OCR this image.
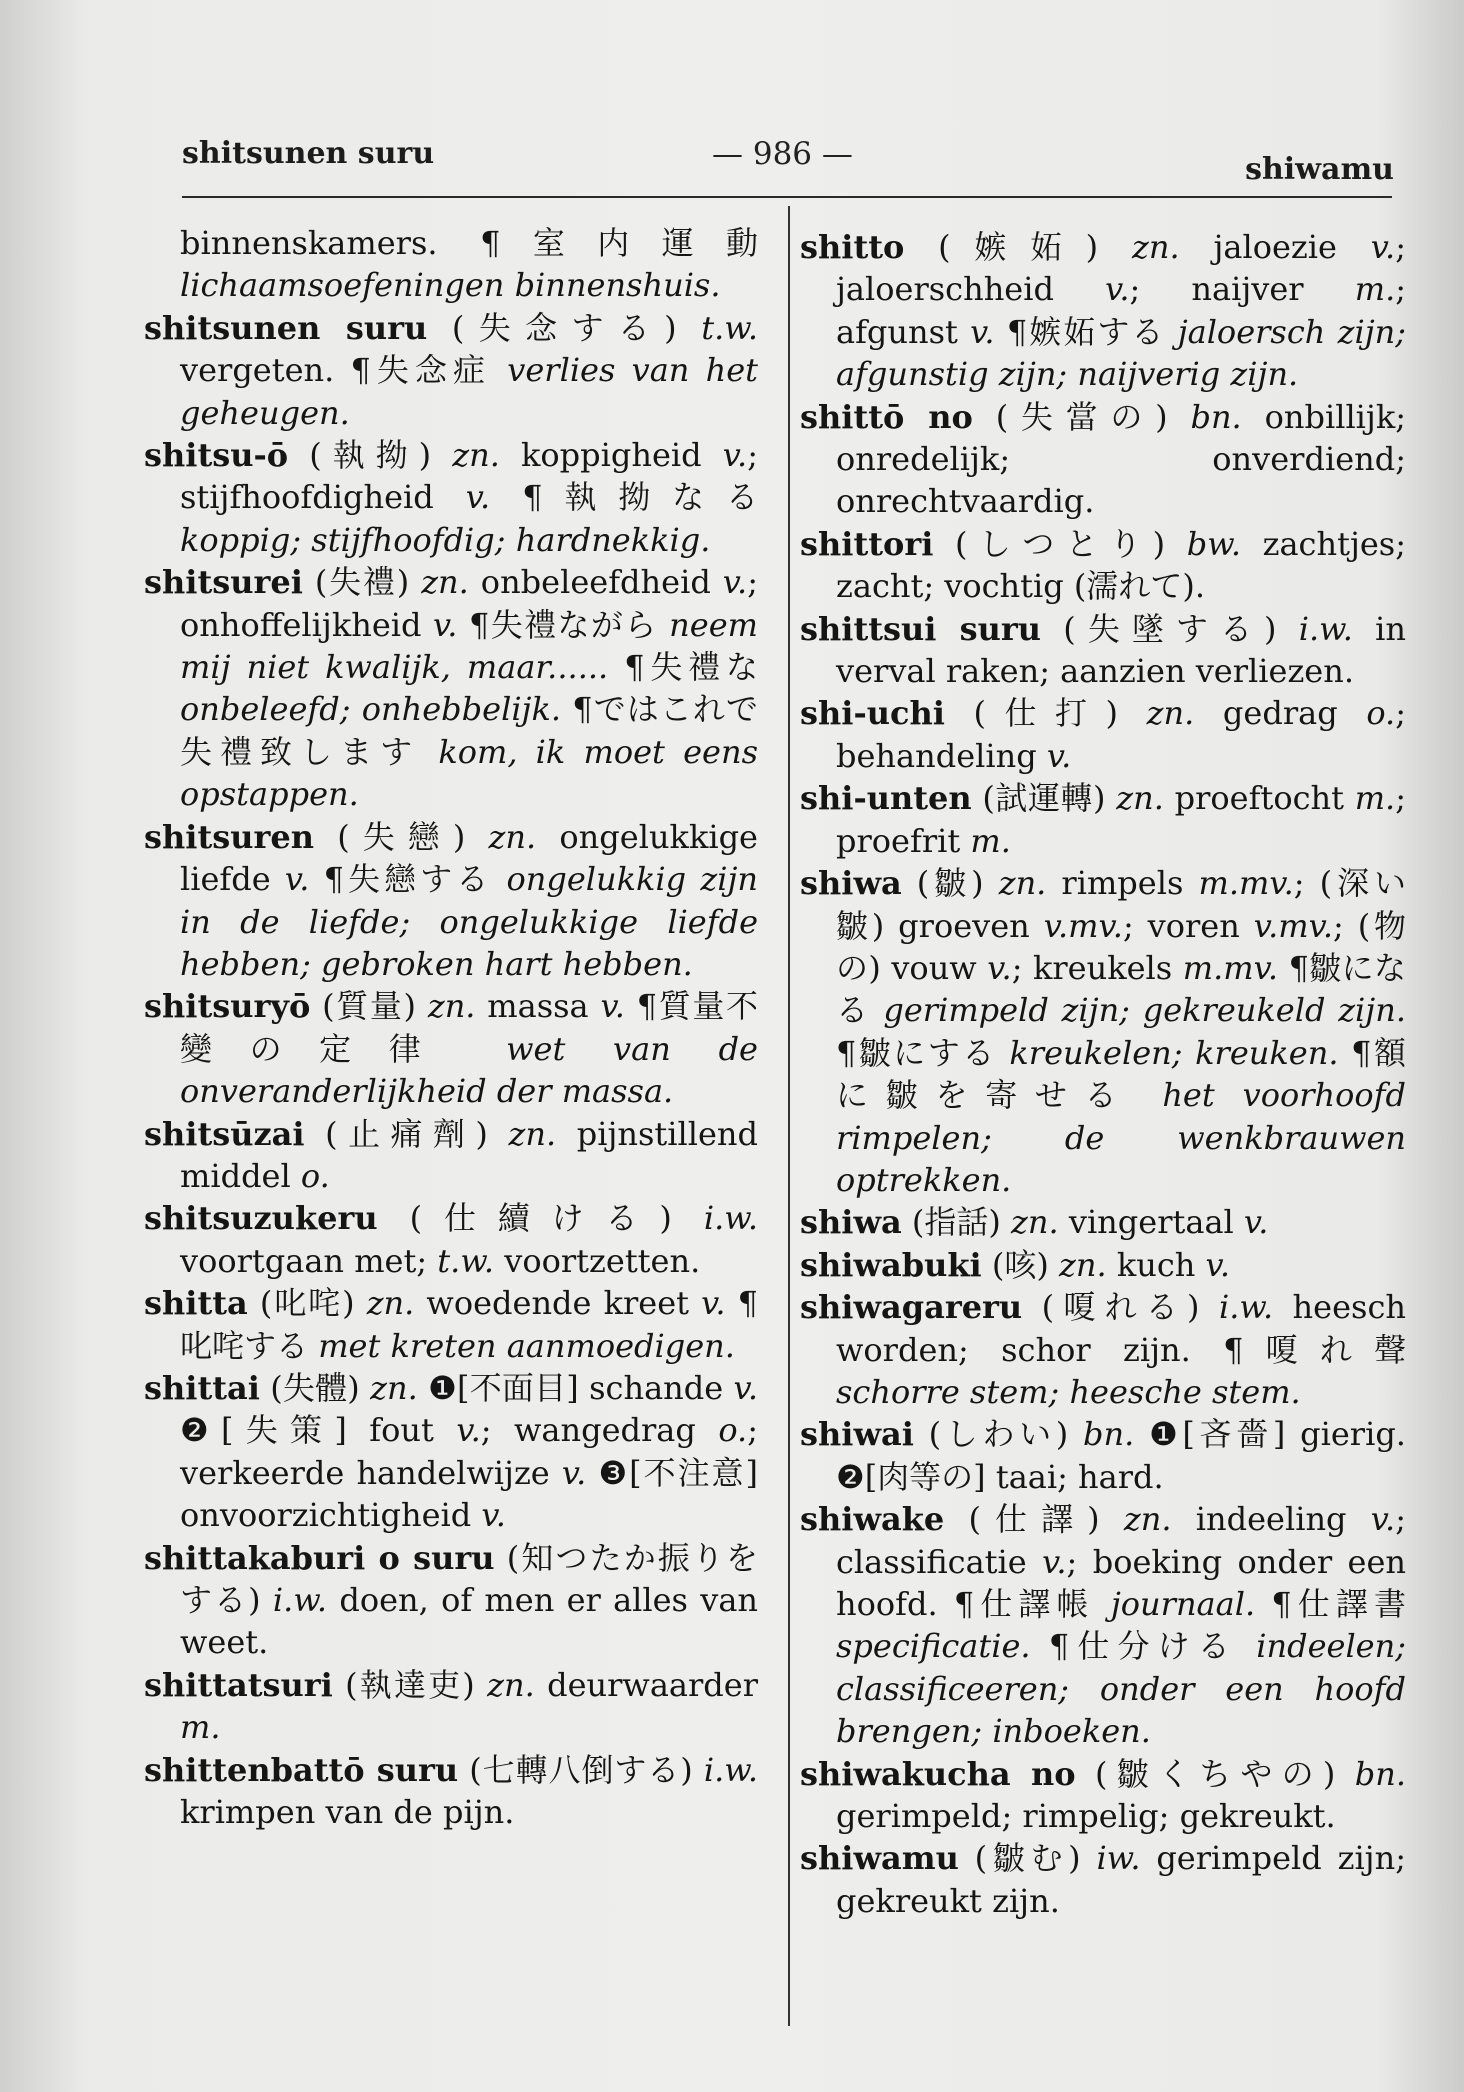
shitsunen suru	— 986 —	shiwamu

binnenskamers. ¶室内運動 lichaamsoefeningen binnenshuis.

shitsunen suru (失念する) t.w. vergeten. ¶失念症 verlies van het geheugen.

shitsu-ō (執拗) zn. koppigheid v.; stijfhoofdigheid v. ¶執拗なる koppig; stijfhoofdig; hardnekkig.

shitsurei (失禮) zn. onbeleefdheid v.; onhoffelijkheid v. ¶失禮ながら neem mij niet kwalijk, maar...... ¶失禮な onbeleefd; onhebbelijk. ¶ではこれで失禮致します kom, ik moet eens opstappen.

shitsuren (失戀) zn. ongelukkige liefde v. ¶失戀する ongelukkig zijn in de liefde; ongelukkige liefde hebben; gebroken hart hebben.

shitsuryō (質量) zn. massa v. ¶質量不變の定律 wet van de onveranderlijkheid der massa.

shitsūzai (止痛劑) zn. pijnstillend middel o.

shitsuzukeru (仕續ける) i.w. voortgaan met; t.w. voortzetten.

shitta (叱咤) zn. woedende kreet v. ¶叱咤する met kreten aanmoedigen.

shittai (失體) zn. ❶[不面目] schande v. ❷[失策] fout v.; wangedrag o.; verkeerde handelwijze v. ❸[不注意] onvoorzichtigheid v.

shittakaburi o suru (知つたか振りをする) i.w. doen, of men er alles van weet.

shittatsuri (執達吏) zn. deurwaarder m.

shittenbattō suru (七轉八倒する) i.w. krimpen van de pijn.

shitto (嫉妬) zn. jaloezie v.; jaloerschheid v.; naijver m.; afgunst v. ¶嫉妬する jaloersch zijn; afgunstig zijn; naijverig zijn.

shittō no (失當の) bn. onbillijk; onredelijk; onverdiend; onrechtvaardig.

shittori (しつとり) bw. zachtjes; zacht; vochtig (濡れて).

shittsui suru (失墜する) i.w. in verval raken; aanzien verliezen.

shi-uchi (仕打) zn. gedrag o.; behandeling v.

shi-unten (試運轉) zn. proeftocht m.; proefrit m.

shiwa (皺) zn. rimpels m.mv.; (深い皺) groeven v.mv.; voren v.mv.; (物の) vouw v.; kreukels m.mv. ¶皺になる gerimpeld zijn; gekreukeld zijn. ¶皺にする kreukelen; kreuken. ¶額に皺を寄せる het voorhoofd rimpelen; de wenkbrauwen optrekken.

shiwa (指話) zn. vingertaal v.

shiwabuki (咳) zn. kuch v.

shiwagareru (嗄れる) i.w. heesch worden; schor zijn. ¶嗄れ聲 schorre stem; heesche stem.

shiwai (しわい) bn. ❶[吝嗇] gierig. ❷[肉等の] taai; hard.

shiwake (仕譯) zn. indeeling v.; classificatie v.; boeking onder een hoofd. ¶仕譯帳 journaal. ¶仕譯書 specificatie. ¶仕分ける indeelen; classificeeren; onder een hoofd brengen; inboeken.

shiwakucha no (皺くちやの) bn. gerimpeld; rimpelig; gekreukt.

shiwamu (皺む) iw. gerimpeld zijn; gekreukt zijn.
